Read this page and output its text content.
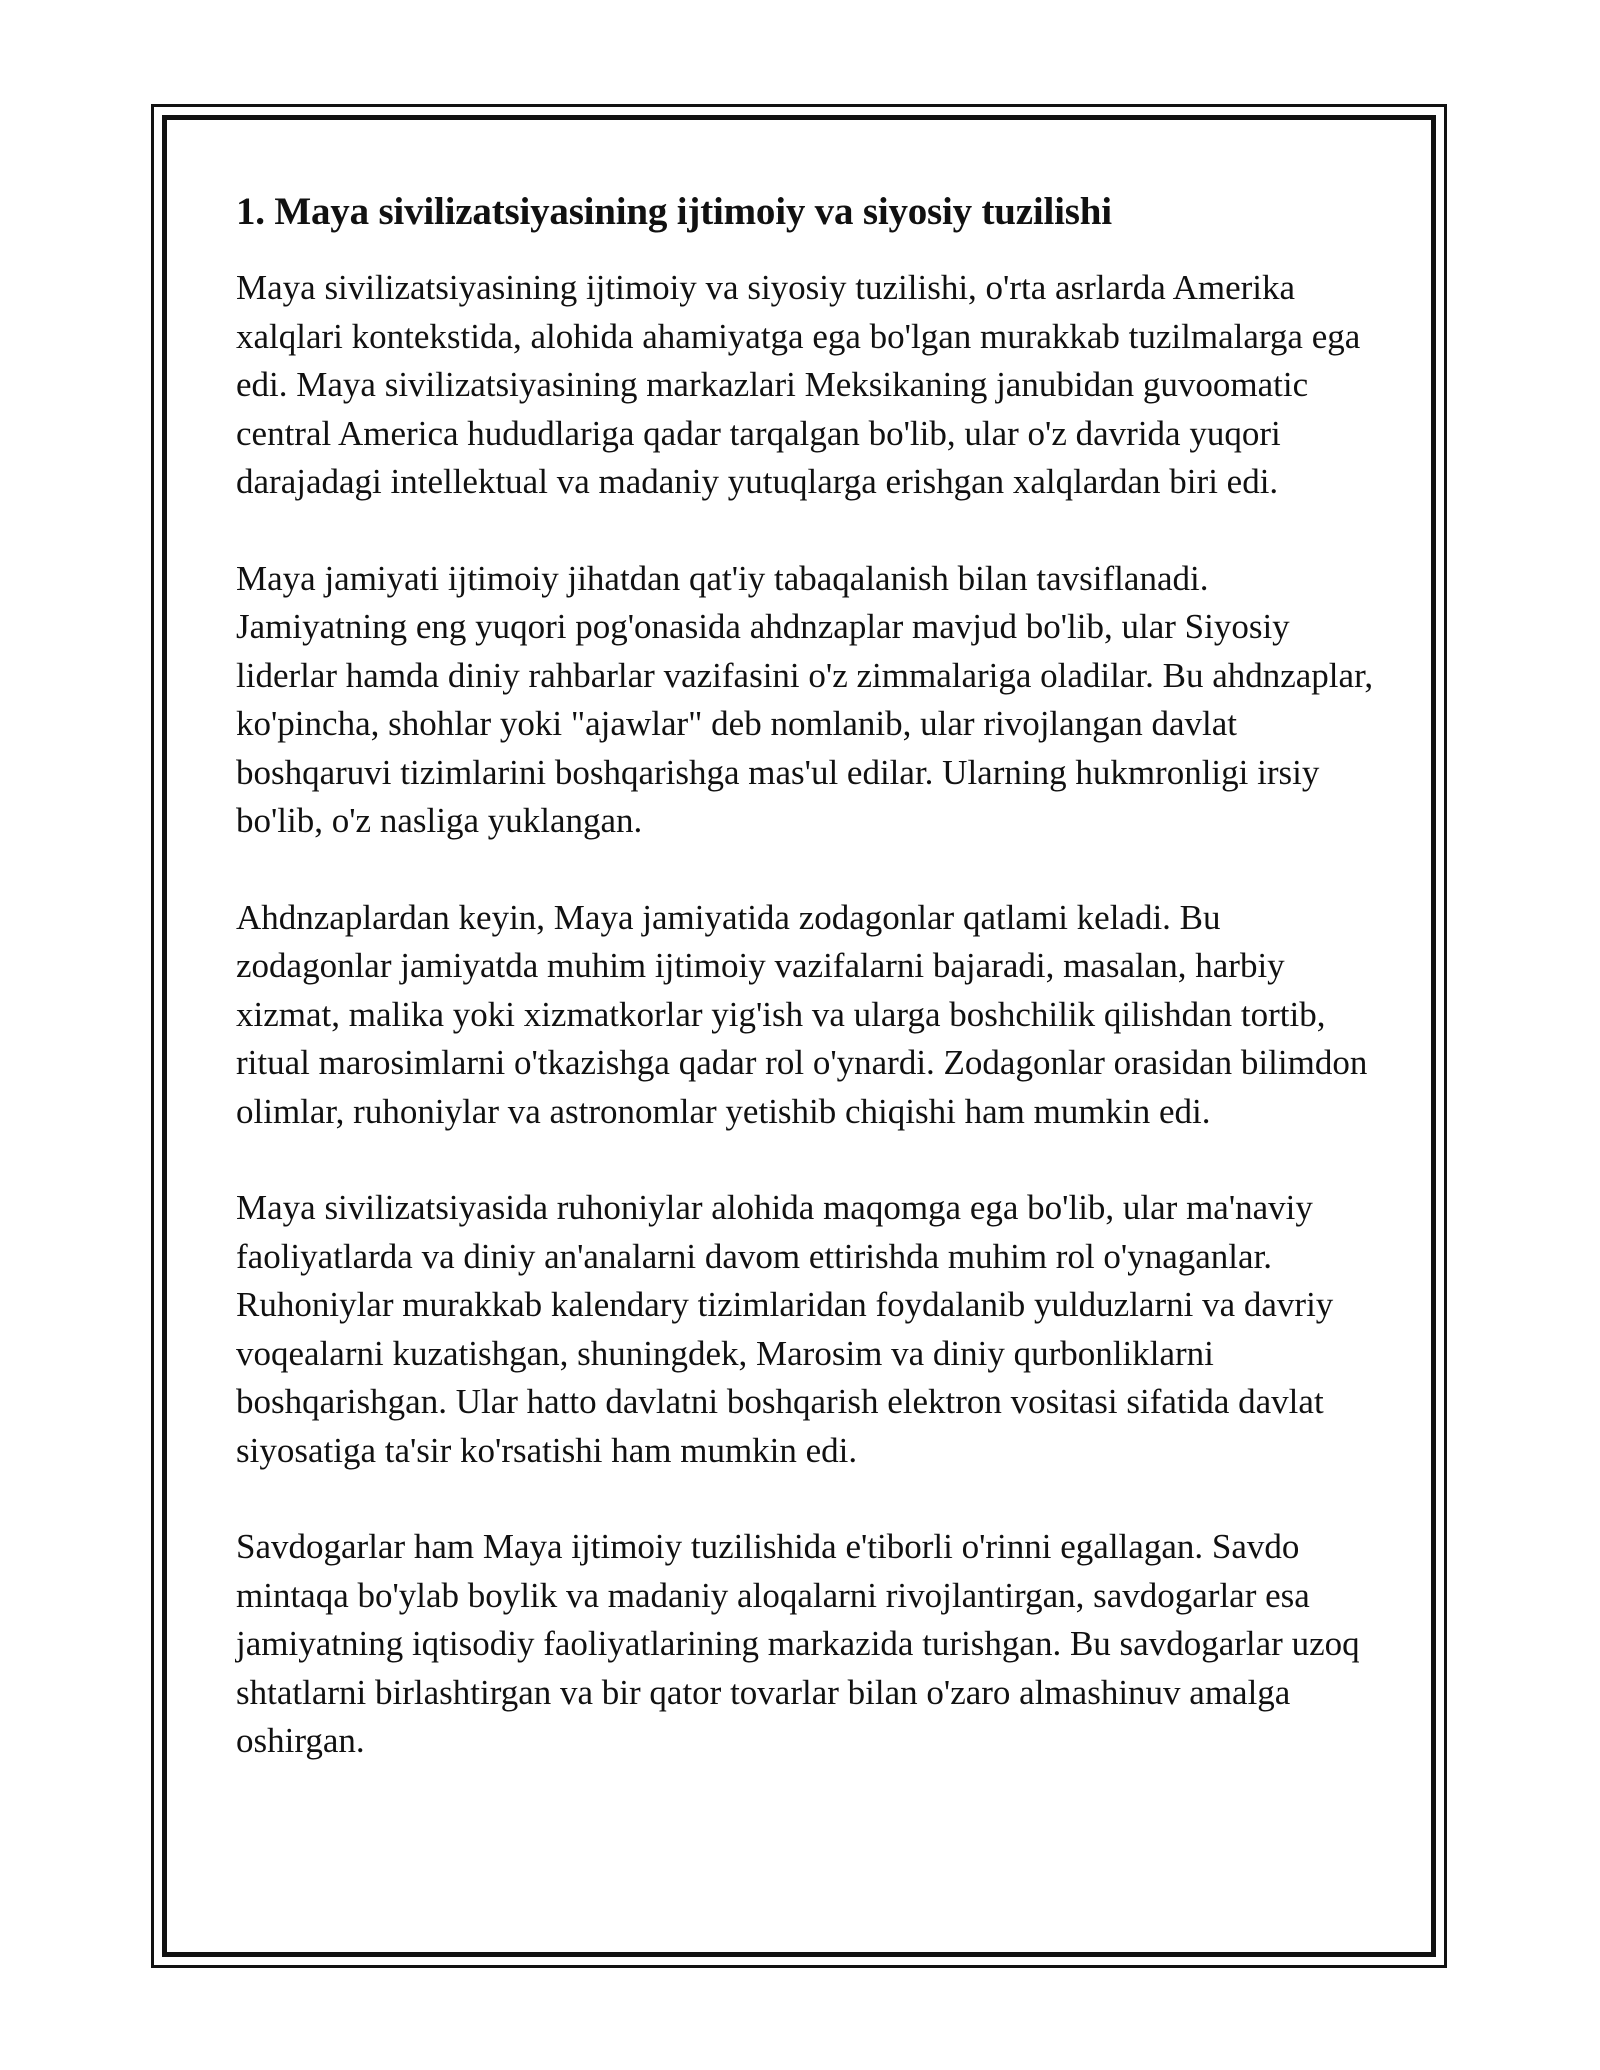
1. Maya sivilizatsiyasining ijtimoiy va siyosiy tuzilishi

Maya sivilizatsiyasining ijtimoiy va siyosiy tuzilishi, o'rta asrlarda Amerika xalqlari kontekstida, alohida ahamiyatga ega bo'lgan murakkab tuzilmalarga ega edi. Maya sivilizatsiyasining markazlari Meksikaning janubidan guvoomatic central America hududlariga qadar tarqalgan bo'lib, ular o'z davrida yuqori darajadagi intellektual va madaniy yutuqlarga erishgan xalqlardan biri edi.

Maya jamiyati ijtimoiy jihatdan qat'iy tabaqalanish bilan tavsiflanadi. Jamiyatning eng yuqori pog'onasida ahdnzaplar mavjud bo'lib, ular Siyosiy liderlar hamda diniy rahbarlar vazifasini o'z zimmalariga oladilar. Bu ahdnzaplar, ko'pincha, shohlar yoki "ajawlar" deb nomlanib, ular rivojlangan davlat boshqaruvi tizimlarini boshqarishga mas'ul edilar. Ularning hukmronligi irsiy bo'lib, o'z nasliga yuklangan.

Ahdnzaplardan keyin, Maya jamiyatida zodagonlar qatlami keladi. Bu zodagonlar jamiyatda muhim ijtimoiy vazifalarni bajaradi, masalan, harbiy xizmat, malika yoki xizmatkorlar yig'ish va ularga boshchilik qilishdan tortib, ritual marosimlarni o'tkazishga qadar rol o'ynardi. Zodagonlar orasidan bilimdon olimlar, ruhoniylar va astronomlar yetishib chiqishi ham mumkin edi.

Maya sivilizatsiyasida ruhoniylar alohida maqomga ega bo'lib, ular ma'naviy faoliyatlarda va diniy an'analarni davom ettirishda muhim rol o'ynaganlar. Ruhoniylar murakkab kalendary tizimlaridan foydalanib yulduzlarni va davriy voqealarni kuzatishgan, shuningdek, Marosim va diniy qurbonliklarni boshqarishgan. Ular hatto davlatni boshqarish elektron vositasi sifatida davlat siyosatiga ta'sir ko'rsatishi ham mumkin edi.

Savdogarlar ham Maya ijtimoiy tuzilishida e'tiborli o'rinni egallagan. Savdo mintaqa bo'ylab boylik va madaniy aloqalarni rivojlantirgan, savdogarlar esa jamiyatning iqtisodiy faoliyatlarining markazida turishgan. Bu savdogarlar uzoq shtatlarni birlashtirgan va bir qator tovarlar bilan o'zaro almashinuv amalga oshirgan.
